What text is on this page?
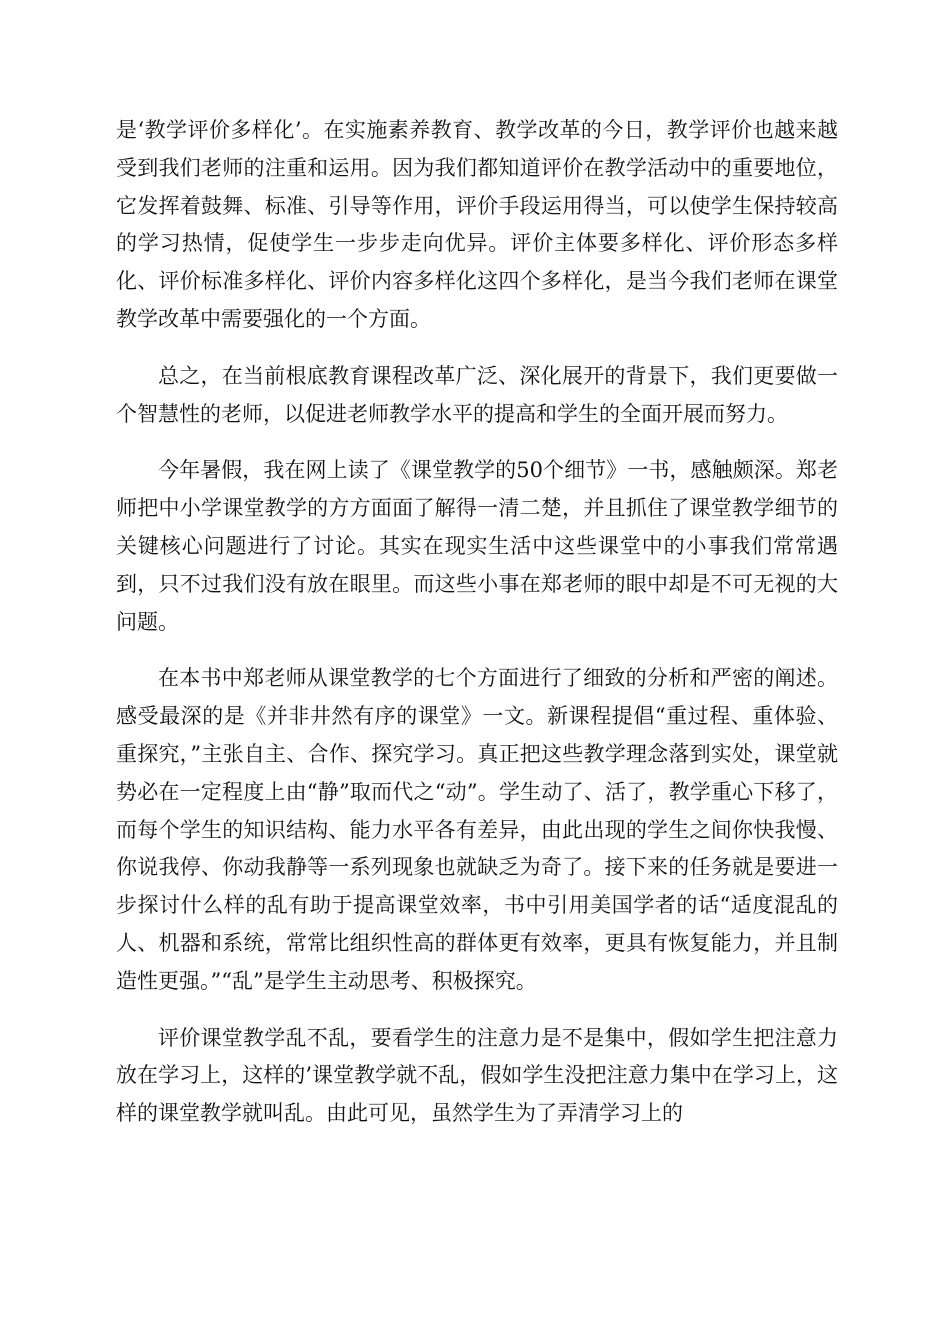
是‘教学评价多样化’。在实施素养教育、教学改革的今日，教学评价也越来越受到我们老师的注重和运用。因为我们都知道评价在教学活动中的重要地位，它发挥着鼓舞、标准、引导等作用，评价手段运用得当，可以使学生保持较高的学习热情，促使学生一步步走向优异。评价主体要多样化、评价形态多样化、评价标准多样化、评价内容多样化这四个多样化，是当今我们老师在课堂教学改革中需要强化的一个方面。

总之，在当前根底教育课程改革广泛、深化展开的背景下，我们更要做一个智慧性的老师，以促进老师教学水平的提高和学生的全面开展而努力。

今年暑假，我在网上读了《课堂教学的50个细节》一书，感触颇深。郑老师把中小学课堂教学的方方面面了解得一清二楚，并且抓住了课堂教学细节的关键核心问题进行了讨论。其实在现实生活中这些课堂中的小事我们常常遇到，只不过我们没有放在眼里。而这些小事在郑老师的眼中却是不可无视的大问题。

在本书中郑老师从课堂教学的七个方面进行了细致的分析和严密的阐述。感受最深的是《并非井然有序的课堂》一文。新课程提倡“重过程、重体验、重探究，”主张自主、合作、探究学习。真正把这些教学理念落到实处，课堂就势必在一定程度上由“静”取而代之“动”。学生动了、活了，教学重心下移了，而每个学生的知识结构、能力水平各有差异，由此出现的学生之间你快我慢、你说我停、你动我静等一系列现象也就缺乏为奇了。接下来的任务就是要进一步探讨什么样的乱有助于提高课堂效率，书中引用美国学者的话“适度混乱的人、机器和系统，常常比组织性高的群体更有效率，更具有恢复能力，并且制造性更强。”“乱”是学生主动思考、积极探究。

评价课堂教学乱不乱，要看学生的注意力是不是集中，假如学生把注意力放在学习上，这样的’课堂教学就不乱，假如学生没把注意力集中在学习上，这样的课堂教学就叫乱。由此可见，虽然学生为了弄清学习上的
